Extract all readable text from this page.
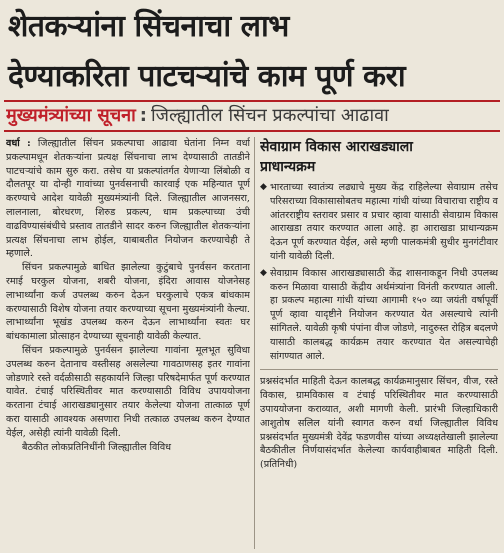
शेतकऱ्यांना सिंचनाचा लाभ
देण्याकरिता पाटचऱ्यांचे काम पूर्ण करा
मुख्यमंत्र्यांच्या सूचना : जिल्ह्यातील सिंचन प्रकल्पांचा आढावा

वर्धा : जिल्ह्यातील सिंचन प्रकल्पाचा आढावा घेतांना निम्न वर्धा प्रकल्पामधून शेतकऱ्यांना प्रत्यक्ष सिंचनाचा लाभ देण्यासाठी तातडीने पाटचऱ्यांचे काम सुरु करा. तसेच या प्रकल्पांतर्गत येणाऱ्या लिंबोळी व दौलतपूर या दोन्ही गावांच्या पुनर्वसनाची कारवाई एक महिन्यात पूर्ण करण्याचे आदेश यावेळी मुख्यमंत्र्यांनी दिले. जिल्ह्यातील आजनसरा, लालनाला, बोरधरण, शिरुड प्रकल्प, धाम प्रकल्पाच्या उंची वाढविण्यासंबंधीचे प्रस्ताव तातडीने सादर करुन जिल्ह्यातील शेतकऱ्यांना प्रत्यक्ष सिंचनाचा लाभ होईल, याबाबतीत नियोजन करण्याचेही ते म्हणाले.

सिंचन प्रकल्पामुळे बाधित झालेल्या कुटुंबाचे पुनर्वसन करताना रमाई घरकुल योजना, शबरी योजना, इंदिरा आवास योजनेसह लाभार्थ्यांना कर्ज उपलब्ध करुन देऊन घरकुलाचे एकत्र बांधकाम करण्यासाठी विशेष योजना तयार करण्याच्या सूचना मुख्यमंत्र्यांनी केल्या. लाभार्थ्यांना भूखंड उपलब्ध करुन देऊन लाभार्थ्यांना स्वतः घर बांधकामाला प्रोत्साहन देण्याच्या सूचनाही यावेळी केल्यात.

सिंचन प्रकल्पामुळे पुनर्वसन झालेल्या गावांना मूलभूत सुविधा उपलब्ध करुन देतानाच वस्तीसह असलेल्या गावठाणसह इतर गावांना जोडणारे रस्ते वर्दळीसाठी सहकार्याने जिल्हा परिषदेमार्फत पूर्ण करण्यात यावेत. टंचाई परिस्थितीवर मात करण्यासाठी विविध उपाययोजना करताना टंचाई आराखड्यानुसार तयार केलेल्या योजना तात्काळ पूर्ण करा यासाठी आवश्यक असणारा निधी तत्काळ उपलब्ध करुन देण्यात येईल, असेही त्यांनी यावेळी दिली.

बैठकीत लोकप्रतिनिधींनी जिल्ह्यातील विविध

सेवाग्राम विकास आराखड्याला
प्राधान्यक्रम
◆ भारताच्या स्वातंत्र्य लढ्याचे मुख्य केंद्र राहिलेल्या सेवाग्राम तसेच परिसराच्या विकासासोबतच महात्मा गांधी यांच्या विचाराचा राष्ट्रीय व आंतरराष्ट्रीय स्तरावर प्रसार व प्रचार व्हावा यासाठी सेवाग्राम विकास आराखडा तयार करण्यात आला आहे. हा आराखडा प्राधान्यक्रम देऊन पूर्ण करण्यात येईल, असे म्हणी पालकमंत्री सुधीर मुनगंटीवार यांनी यावेळी दिली.
◆ सेवाग्राम विकास आराखड्यासाठी केंद्र शासनाकडून निधी उपलब्ध करुन मिळावा यासाठी केंद्रीय अर्थमंत्र्यांना विनंती करण्यात आली. हा प्रकल्प महात्मा गांधी यांच्या आगामी १५० व्या जयंती वर्षापूर्वी पूर्ण व्हावा यादृष्टीने नियोजन करण्यात येत असल्याचे त्यांनी सांगितले. यावेळी कृषी पंपांना वीज जोडणे, नादुरुस्त रोहित्र बदलणे यासाठी कालबद्ध कार्यक्रम तयार करण्यात येत असल्याचेही सांगण्यात आले.

प्रश्नसंदर्भात माहिती देऊन कालबद्ध कार्यक्रमानुसार सिंचन, वीज, रस्ते विकास, ग्रामविकास व टंचाई परिस्थितीवर मात करण्यासाठी उपाययोजना कराव्यात, अशी मागणी केली. प्रारंभी जिल्हाधिकारी आशुतोष सलिल यांनी स्वागत करुन वर्धा जिल्ह्यातील विविध प्रश्नसंदर्भात मुख्यमंत्री देवेंद्र फडणवीस यांच्या अध्यक्षतेखाली झालेल्या बैठकीतील निर्णयासंदर्भात केलेल्या कार्यवाहीबाबत माहिती दिली. (प्रतिनिधी)
